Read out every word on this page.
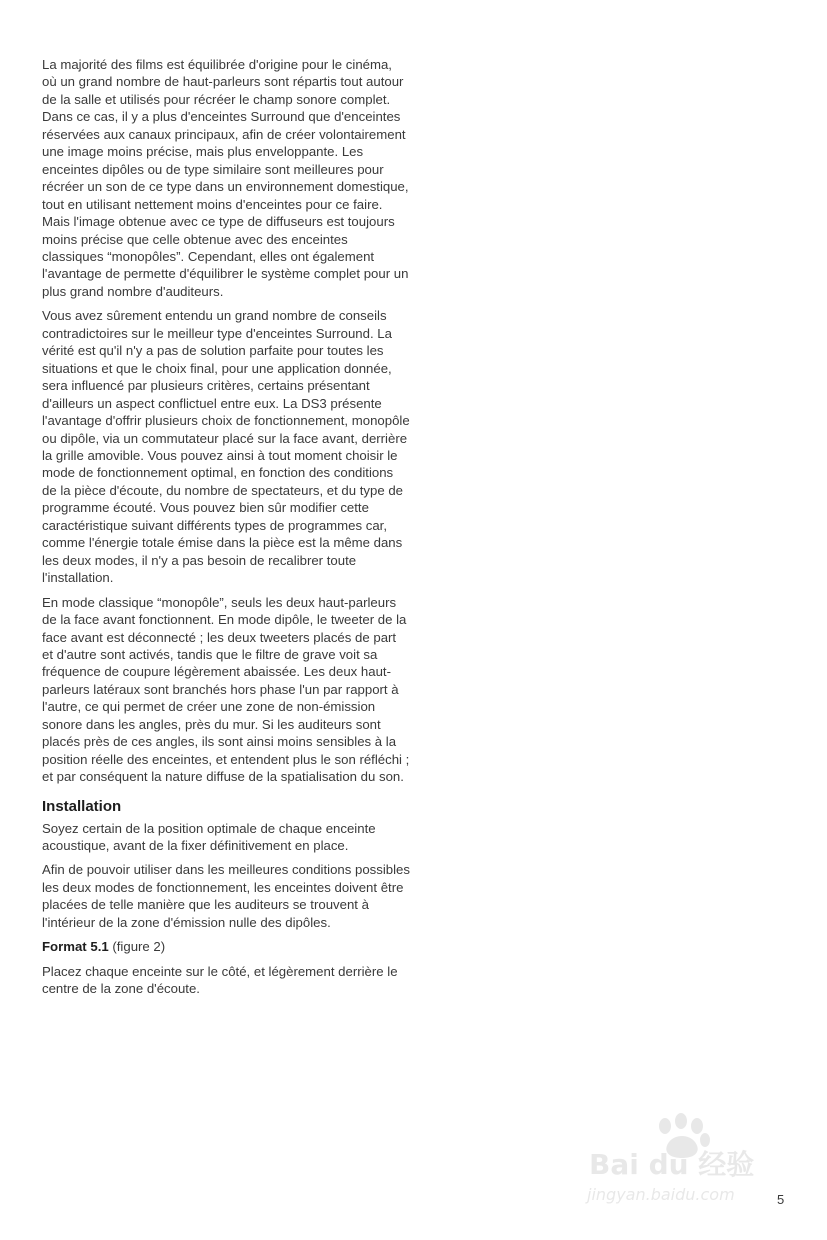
La majorité des films est équilibrée d'origine pour le cinéma, où un grand nombre de haut-parleurs sont répartis tout autour de la salle et utilisés pour récréer le champ sonore complet. Dans ce cas, il y a plus d'enceintes Surround que d'enceintes réservées aux canaux principaux, afin de créer volontairement une image moins précise, mais plus enveloppante. Les enceintes dipôles ou de type similaire sont meilleures pour récréer un son de ce type dans un environnement domestique, tout en utilisant nettement moins d'enceintes pour ce faire. Mais l'image obtenue avec ce type de diffuseurs est toujours moins précise que celle obtenue avec des enceintes classiques “monopôles”. Cependant, elles ont également l'avantage de permette d'équilibrer le système complet pour un plus grand nombre d'auditeurs.

Vous avez sûrement entendu un grand nombre de conseils contradictoires sur le meilleur type d'enceintes Surround. La vérité est qu'il n'y a pas de solution parfaite pour toutes les situations et que le choix final, pour une application donnée, sera influencé par plusieurs critères, certains présentant d'ailleurs un aspect conflictuel entre eux. La DS3 présente l'avantage d'offrir plusieurs choix de fonctionnement, monopôle ou dipôle, via un commutateur placé sur la face avant, derrière la grille amovible. Vous pouvez ainsi à tout moment choisir le mode de fonctionnement optimal, en fonction des conditions de la pièce d'écoute, du nombre de spectateurs, et du type de programme écouté. Vous pouvez bien sûr modifier cette caractéristique suivant différents types de programmes car, comme l'énergie totale émise dans la pièce est la même dans les deux modes, il n'y a pas besoin de recalibrer toute l'installation.

En mode classique “monopôle”, seuls les deux haut-parleurs de la face avant fonctionnent. En mode dipôle, le tweeter de la face avant est déconnecté ; les deux tweeters placés de part et d'autre sont activés, tandis que le filtre de grave voit sa fréquence de coupure légèrement abaissée. Les deux haut-parleurs latéraux sont branchés hors phase l'un par rapport à l'autre, ce qui permet de créer une zone de non-émission sonore dans les angles, près du mur. Si les auditeurs sont placés près de ces angles, ils sont ainsi moins sensibles à la position réelle des enceintes, et entendent plus le son réfléchi ; et par conséquent la nature diffuse de la spatialisation du son.

Installation

Soyez certain de la position optimale de chaque enceinte acoustique, avant de la fixer définitivement en place.

Afin de pouvoir utiliser dans les meilleures conditions possibles les deux modes de fonctionnement, les enceintes doivent être placées de telle manière que les auditeurs se trouvent à l'intérieur de la zone d'émission nulle des dipôles.

Format 5.1 (figure 2)

Placez chaque enceinte sur le côté, et légèrement derrière le centre de la zone d'écoute.

Bai du 经验
jingyan.baidu.com	5
